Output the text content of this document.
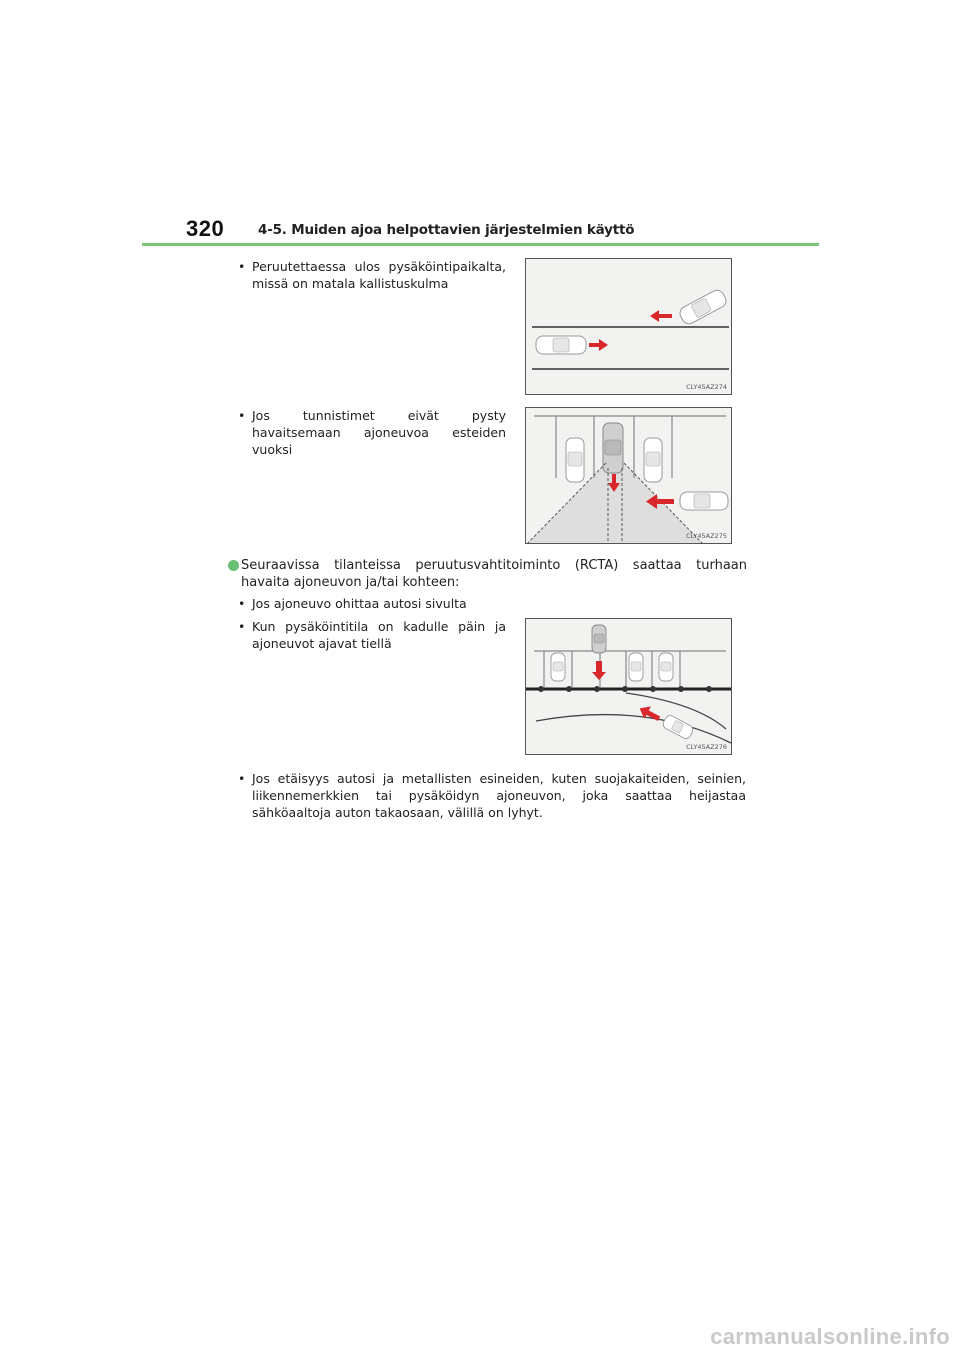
320	4-5. Muiden ajoa helpottavien järjestelmien käyttö
• Peruutettaessa ulos pysäköintipaikalta, missä on matala kallistuskulma
CLY45AZ274
• Jos tunnistimet eivät pysty havaitsemaan ajoneuvoa esteiden vuoksi
CLY45AZ275
Seuraavissa tilanteissa peruutusvahtitoiminto (RCTA) saattaa turhaan havaita ajoneuvon ja/tai kohteen:
• Jos ajoneuvo ohittaa autosi sivulta
• Kun pysäköintitila on kadulle päin ja ajoneuvot ajavat tiellä
CLY45AZ276
• Jos etäisyys autosi ja metallisten esineiden, kuten suojakaiteiden, seinien, liikennemerkkien tai pysäköidyn ajoneuvon, joka saattaa heijastaa sähköaaltoja auton takaosaan, välillä on lyhyt.
carmanualsonline.info
